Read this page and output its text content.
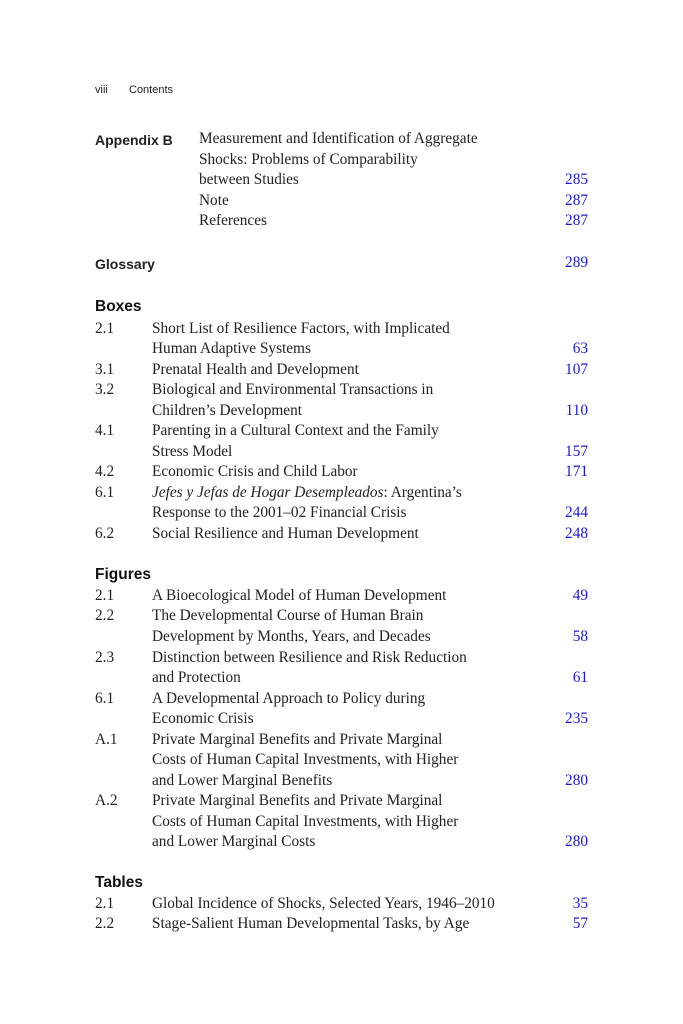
viii Contents
Appendix B Measurement and Identification of Aggregate
Shocks: Problems of Comparability
between Studies	285
Note	287
References	287
Glossary	289
Boxes
2.1 Short List of Resilience Factors, with Implicated
Human Adaptive Systems	63
3.1 Prenatal Health and Development	107
3.2 Biological and Environmental Transactions in
Children’s Development	110
4.1 Parenting in a Cultural Context and the Family
Stress Model	157
4.2 Economic Crisis and Child Labor	171
6.1 Jefes y Jefas de Hogar Desempleados: Argentina’s
Response to the 2001–02 Financial Crisis	244
6.2 Social Resilience and Human Development	248
Figures
2.1 A Bioecological Model of Human Development	49
2.2 The Developmental Course of Human Brain
Development by Months, Years, and Decades	58
2.3 Distinction between Resilience and Risk Reduction
and Protection	61
6.1 A Developmental Approach to Policy during
Economic Crisis	235
A.1 Private Marginal Benefits and Private Marginal
Costs of Human Capital Investments, with Higher
and Lower Marginal Benefits	280
A.2 Private Marginal Benefits and Private Marginal
Costs of Human Capital Investments, with Higher
and Lower Marginal Costs	280
Tables
2.1 Global Incidence of Shocks, Selected Years, 1946–2010	35
2.2 Stage-Salient Human Developmental Tasks, by Age	57
